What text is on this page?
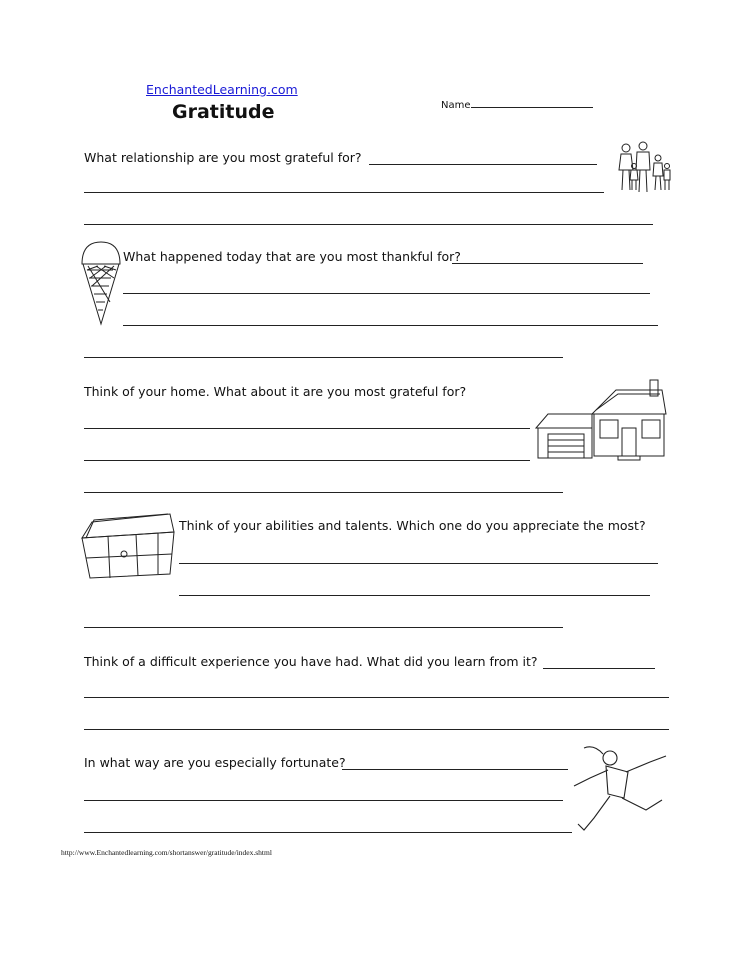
EnchantedLearning.com
Gratitude	Name
What relationship are you most grateful for?
What happened today that are you most thankful for?
Think of your home. What about it are you most grateful for?
Think of your abilities and talents. Which one do you appreciate the most?
Think of a difficult experience you have had. What did you learn from it?
In what way are you especially fortunate?
http://www.Enchantedlearning.com/shortanswer/gratitude/index.shtml
